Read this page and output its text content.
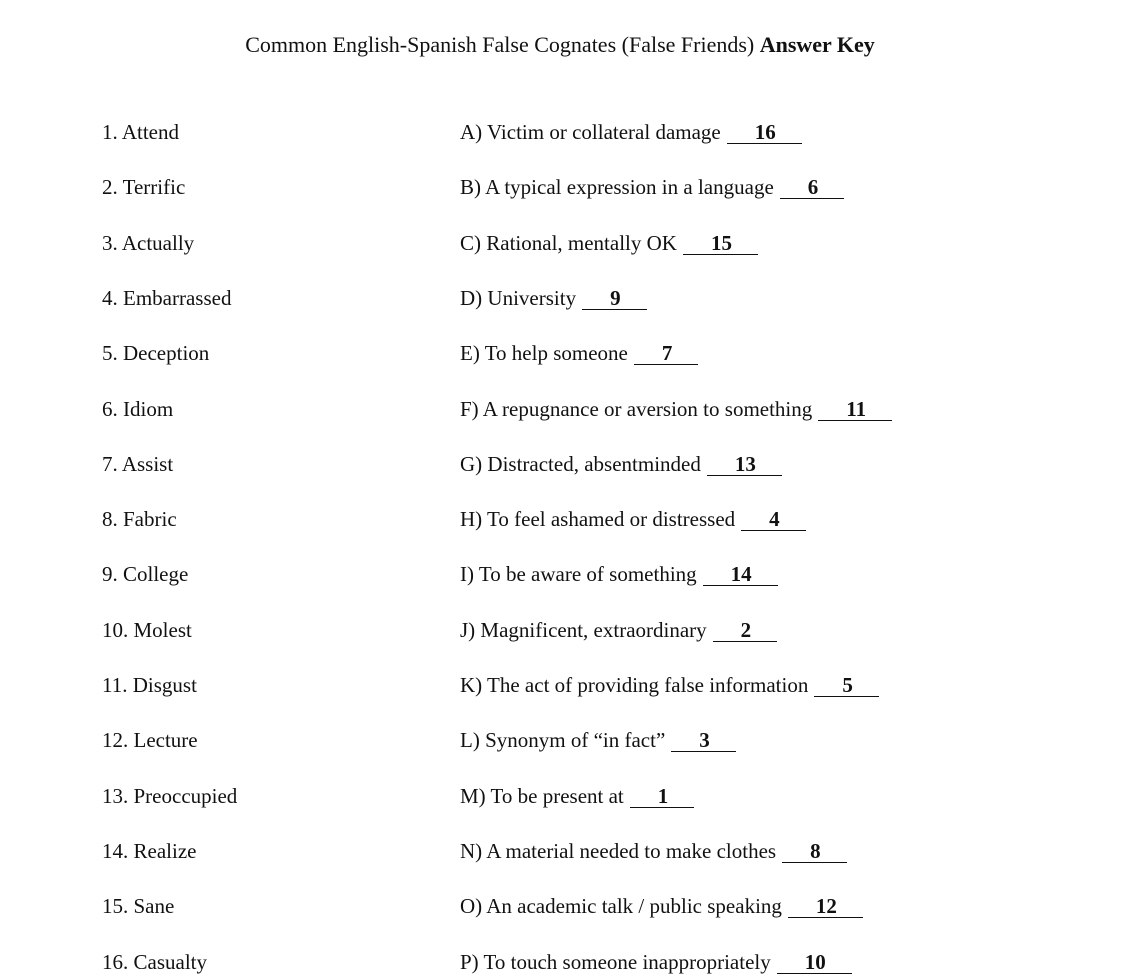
Common English-Spanish False Cognates (False Friends) Answer Key
1. Attend	A) Victim or collateral damage 16
2. Terrific	B) A typical expression in a language 6
3. Actually	C) Rational, mentally OK 15
4. Embarrassed	D) University 9
5. Deception	E) To help someone 7
6. Idiom	F) A repugnance or aversion to something 11
7. Assist	G) Distracted, absentminded 13
8. Fabric	H) To feel ashamed or distressed 4
9. College	I) To be aware of something 14
10. Molest	J) Magnificent, extraordinary 2
11. Disgust	K) The act of providing false information 5
12. Lecture	L) Synonym of “in fact” 3
13. Preoccupied	M) To be present at 1
14. Realize	N) A material needed to make clothes 8
15. Sane	O) An academic talk / public speaking 12
16. Casualty	P) To touch someone inappropriately 10
